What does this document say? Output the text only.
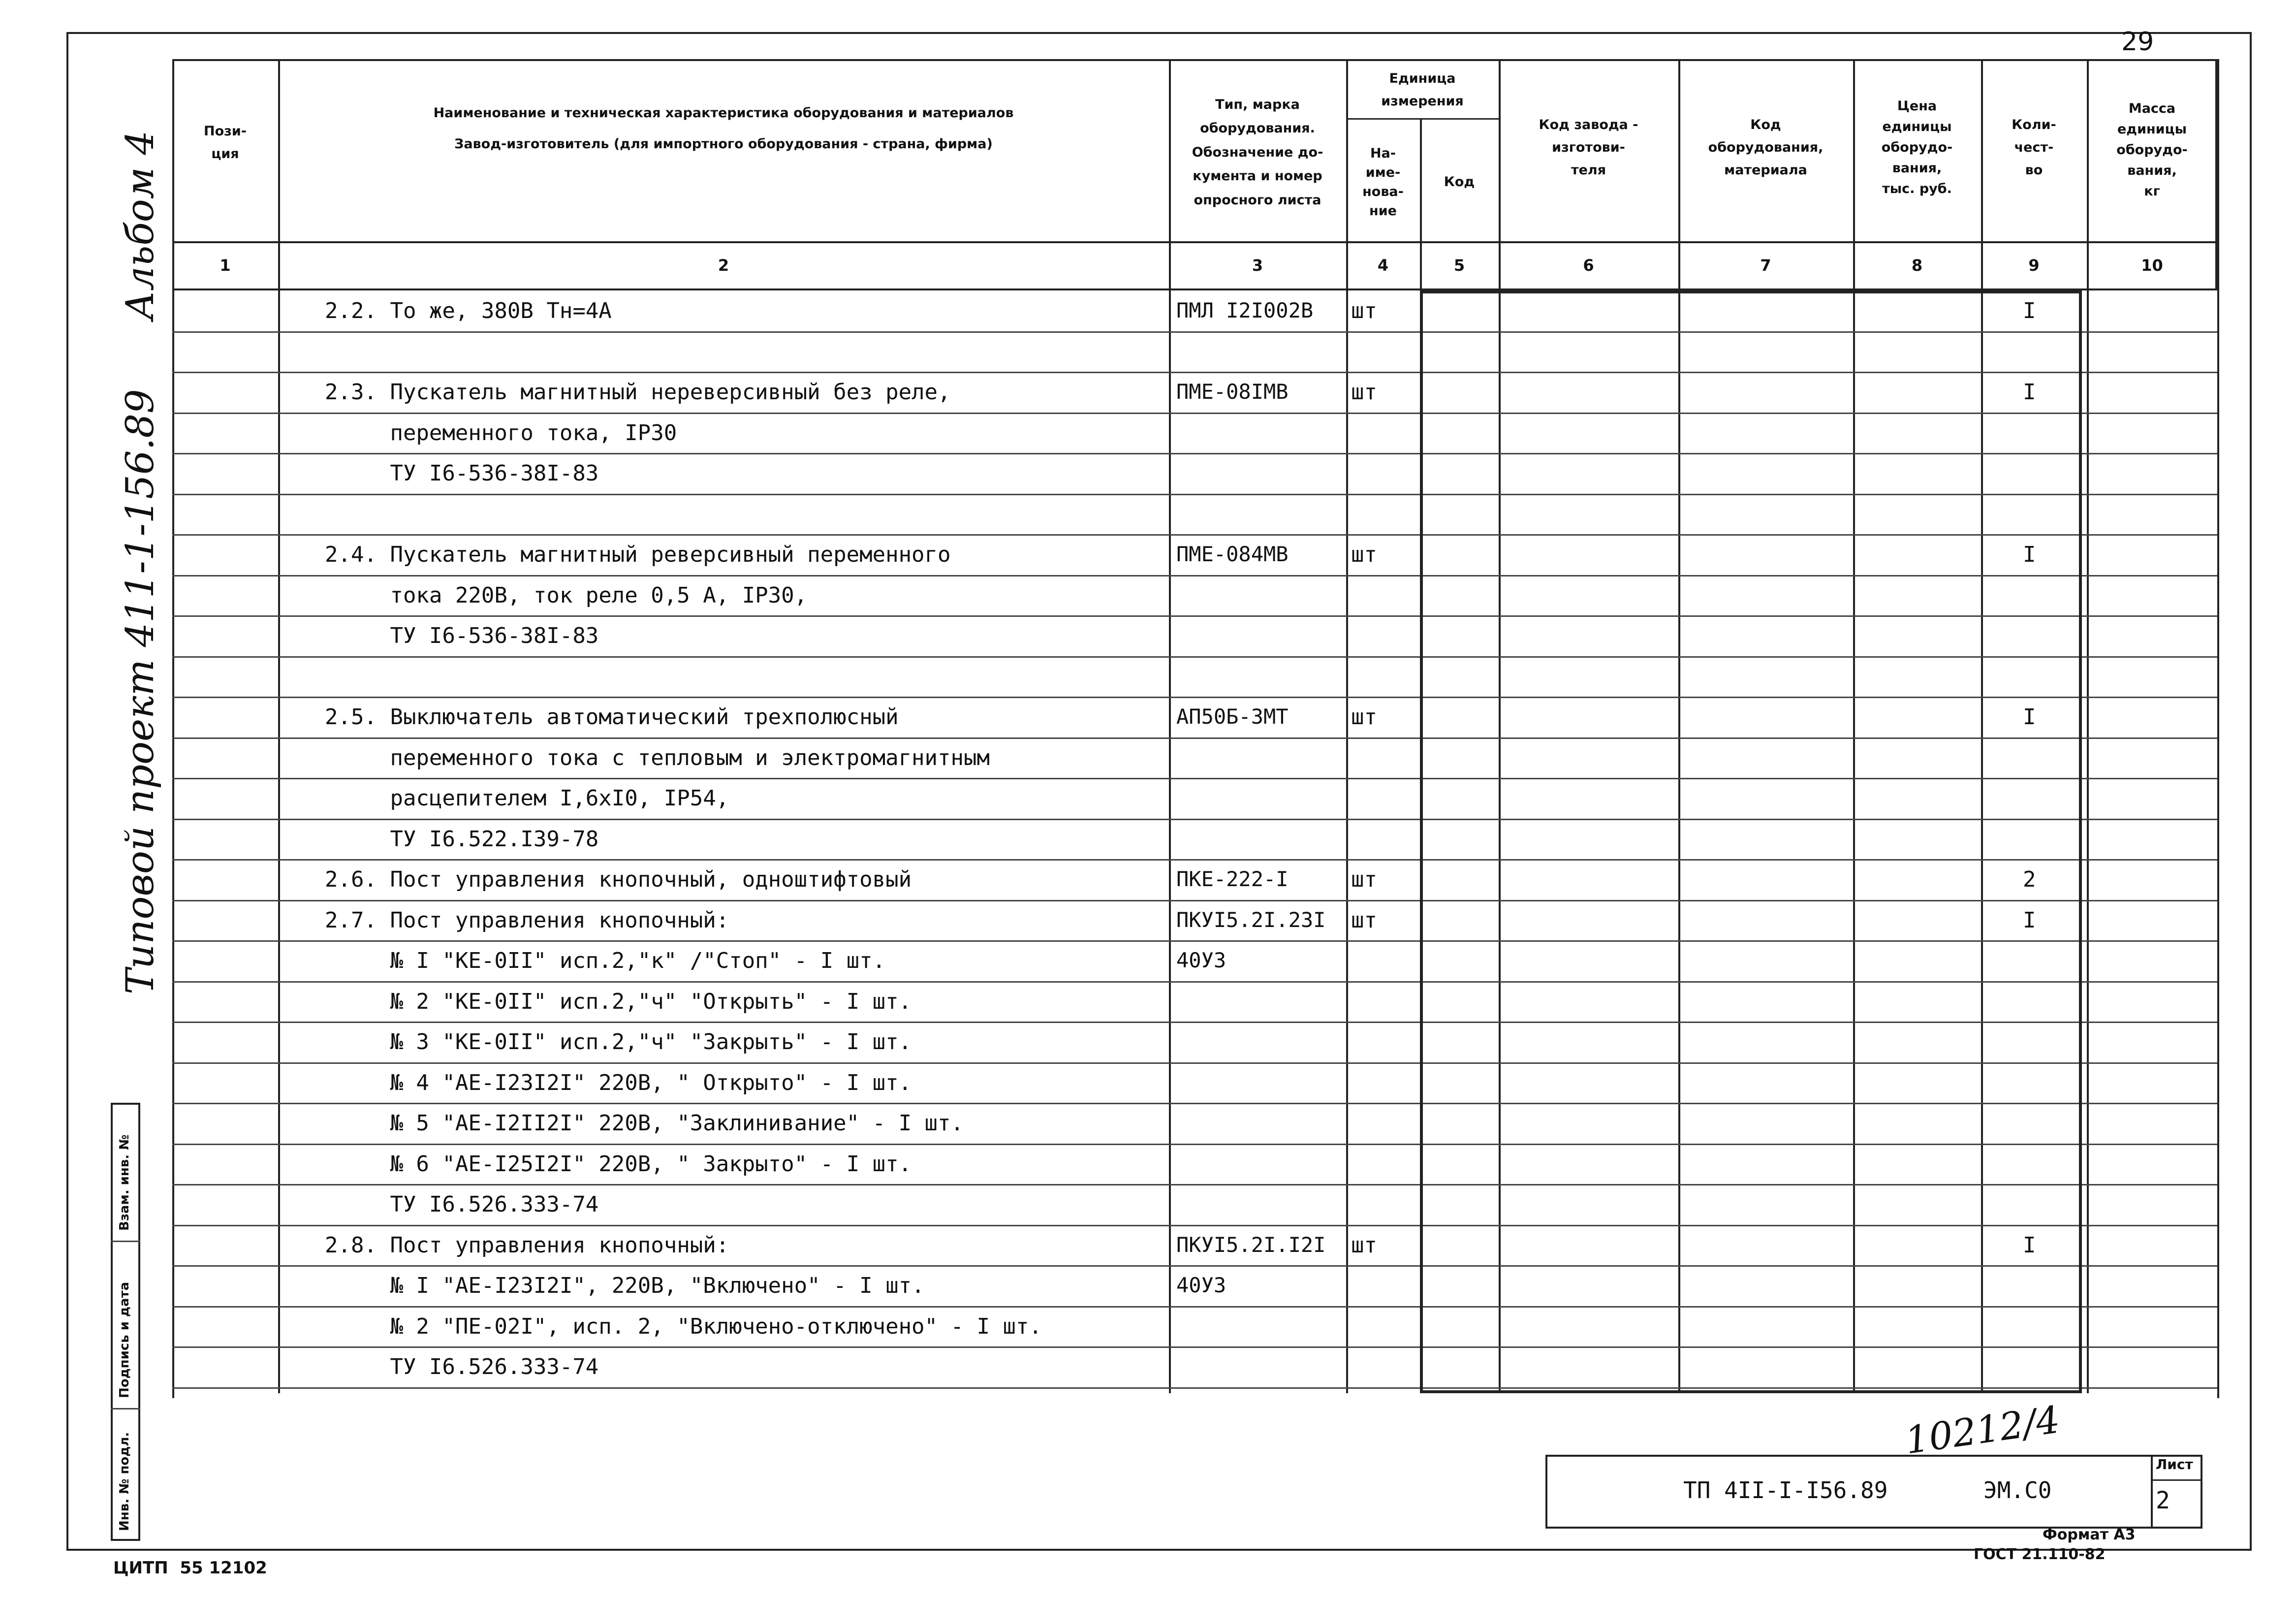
29
Альбом 4
Типовой проект 411-1-156.89
Взам. инв. №
Подпись и дата
Инв. № подл.
Пози-
ция
Наименование и техническая характеристика оборудования и материалов
Завод-изготовитель (для импортного оборудования - страна, фирма)
Тип, марка
оборудования.
Обозначение до-
кумента и номер
опросного листа
Единица
измерения
На-
име-
нова-
ние
Код
Код завода -
изготови-
теля
Код
оборудования,
материала
Цена
единицы
оборудо-
вания,
тыс. руб.
Коли-
чест-
во
Масса
единицы
оборудо-
вания,
кг
1	2	3	4	5	6	7	8	9	10
2.2. То же, 380В Тн=4А	ПМЛ I2I002В шт	I
2.3. Пускатель магнитный нереверсивный без реле,	ПМЕ-08IМВ	шт	I
переменного тока, IР30
ТУ I6-536-38I-83
2.4. Пускатель магнитный реверсивный переменного	ПМЕ-084МВ	шт	I
тока 220В, ток реле 0,5 А, IР30,
ТУ I6-536-38I-83
2.5. Выключатель автоматический трехполюсный	АП50Б-3МТ	шт	I
переменного тока с тепловым и электромагнитным
расцепителем I,6хI0, IР54,
ТУ I6.522.I39-78
2.6. Пост управления кнопочный, одноштифтовый	ПКЕ-222-I	шт	2
2.7. Пост управления кнопочный:	ПКУI5.2I.23I шт	I
№ I "КЕ-0II" исп.2,"к" /"Стоп" - I шт.	40У3
№ 2 "КЕ-0II" исп.2,"ч" "Открыть" - I шт.
№ 3 "КЕ-0II" исп.2,"ч" "Закрыть" - I шт.
№ 4 "АЕ-I23I2I" 220В, " Открыто" - I шт.
№ 5 "АЕ-I2II2I" 220В, "Заклинивание" - I шт.
№ 6 "АЕ-I25I2I" 220В, " Закрыто" - I шт.
ТУ I6.526.333-74
2.8. Пост управления кнопочный:	ПКУI5.2I.I2I шт	I
№ I "АЕ-I23I2I", 220В, "Включено" - I шт.	40У3
№ 2 "ПЕ-02I", исп. 2, "Включено-отключено" - I шт.
ТУ I6.526.333-74
ТП 4II-I-I56.89	ЭМ.С0
Лист
2
10212/4
Формат А3
ГОСТ 21.110-82
ЦИТП  55 12102
